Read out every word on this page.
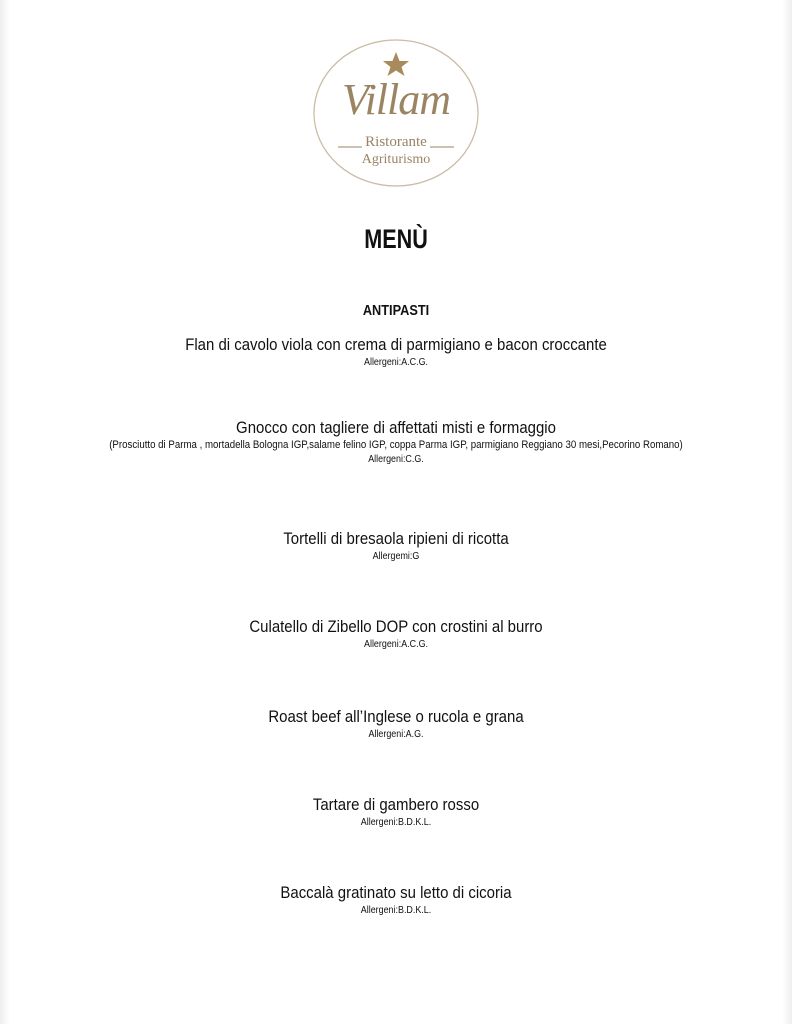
Villam
Ristorante
Agriturismo
MENÙ
ANTIPASTI
Flan di cavolo viola con crema di parmigiano e bacon croccante
Allergeni:A.C.G.
Gnocco con tagliere di affettati misti e formaggio
(Prosciutto di Parma , mortadella Bologna IGP,salame felino IGP, coppa Parma IGP, parmigiano Reggiano 30 mesi,Pecorino Romano)
Allergeni:C.G.
Tortelli di bresaola ripieni di ricotta
Allergemi:G
Culatello di Zibello DOP con crostini al burro
Allergeni:A.C.G.
Roast beef all’Inglese o rucola e grana
Allergeni:A.G.
Tartare di gambero rosso
Allergeni:B.D.K.L.
Baccalà gratinato su letto di cicoria
Allergeni:B.D.K.L.
